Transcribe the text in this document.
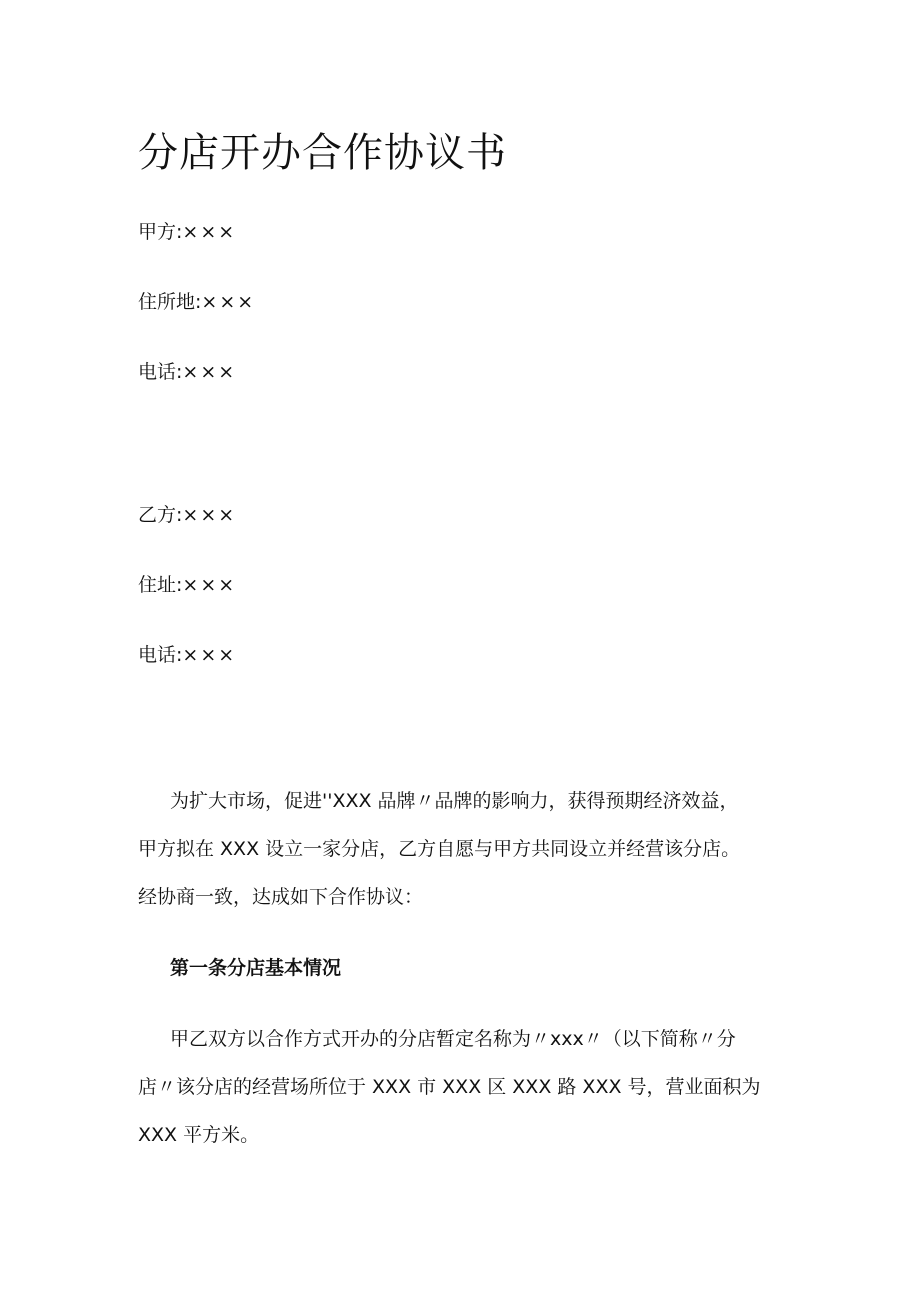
分店开办合作协议书
甲方:×××
住所地:×××
电话:×××
乙方:×××
住址:×××
电话:×××

为扩大市场，促进''XXX 品牌〃品牌的影响力，获得预期经济效益，
甲方拟在 XXX 设立一家分店，乙方自愿与甲方共同设立并经营该分店。
经协商一致，达成如下合作协议：

第一条分店基本情况

甲乙双方以合作方式开办的分店暂定名称为〃xxx〃（以下简称〃分
店〃该分店的经营场所位于 XXX 市 XXX 区 XXX 路 XXX 号，营业面积为
XXX 平方米。
